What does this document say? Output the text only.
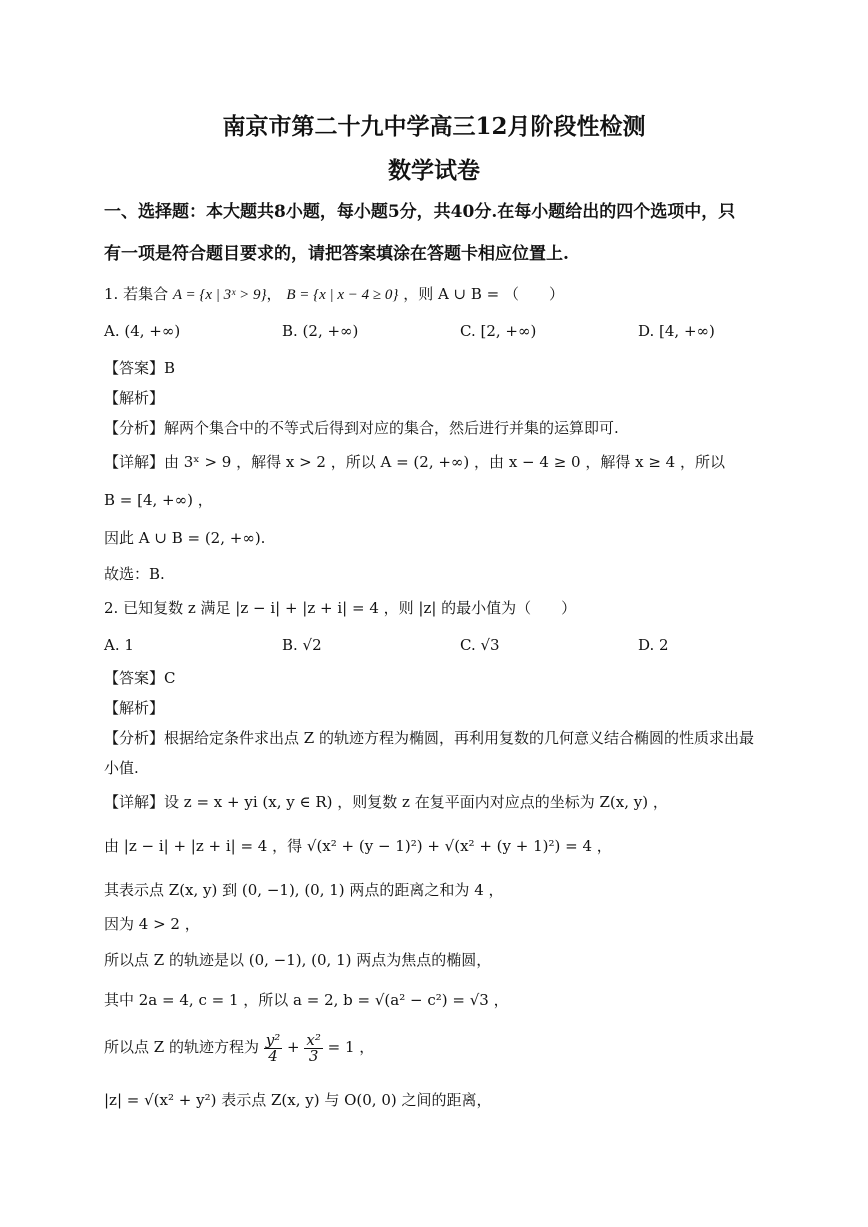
南京市第二十九中学高三12月阶段性检测
数学试卷
一、选择题：本大题共8小题，每小题5分，共40分.在每小题给出的四个选项中，只
有一项是符合题目要求的，请把答案填涂在答题卡相应位置上.
1. 若集合 A = {x | 3ˣ > 9}， B = {x | x − 4 ≥ 0} ，则 A ∪ B = （　　）
A. (4, +∞)	B. (2, +∞)	C. [2, +∞)	D. [4, +∞)
【答案】B
【解析】
【分析】解两个集合中的不等式后得到对应的集合，然后进行并集的运算即可.
【详解】由 3ˣ > 9 ，解得 x > 2 ，所以 A = (2, +∞) ，由 x − 4 ≥ 0 ，解得 x ≥ 4 ，所以
B = [4, +∞) ，
因此 A ∪ B = (2, +∞).
故选：B.
2. 已知复数 z 满足 |z − i| + |z + i| = 4 ，则 |z| 的最小值为（　　）
A. 1	B. √2	C. √3	D. 2
【答案】C
【解析】
【分析】根据给定条件求出点 Z 的轨迹方程为椭圆，再利用复数的几何意义结合椭圆的性质求出最
小值.
【详解】设 z = x + yi (x, y ∈ R) ，则复数 z 在复平面内对应点的坐标为 Z(x, y) ，
由 |z − i| + |z + i| = 4 ，得 √(x² + (y − 1)²) + √(x² + (y + 1)²) = 4 ，
其表示点 Z(x, y) 到 (0, −1), (0, 1) 两点的距离之和为 4 ，
因为 4 > 2 ，
所以点 Z 的轨迹是以 (0, −1), (0, 1) 两点为焦点的椭圆，
其中 2a = 4, c = 1 ，所以 a = 2, b = √(a² − c²) = √3 ，
所以点 Z 的轨迹方程为 $\frac{\text{y²}}{4} + \frac{\text{x²}}{3} = 1$ ，
|z| = √(x² + y²) 表示点 Z(x, y) 与 O(0, 0) 之间的距离，
